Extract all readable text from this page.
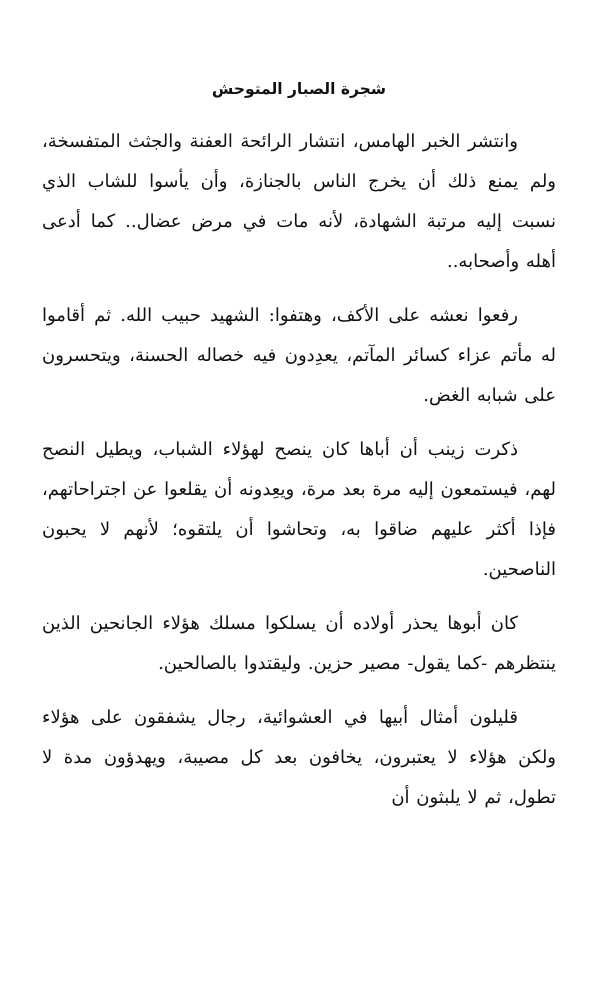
شجرة الصبار المتوحش

وانتشر الخبر الهامس، انتشار الرائحة العفنة والجثث المتفسخة، ولم يمنع ذلك أن يخرج الناس بالجنازة، وأن يأسوا للشاب الذي نسبت إليه مرتبة الشهادة، لأنه مات في مرض عضال.. كما أدعى أهله وأصحابه..

رفعوا نعشه على الأكف، وهتفوا: الشهيد حبيب الله. ثم أقاموا له مأتم عزاء كسائر المآتم، يعدِدون فيه خصاله الحسنة، ويتحسرون على شبابه الغض.

ذكرت زينب أن أباها كان ينصح لهؤلاء الشباب، ويطيل النصح لهم، فيستمعون إليه مرة بعد مرة، ويعِدونه أن يقلعوا عن اجتراحاتهم، فإذا أكثر عليهم ضاقوا به، وتحاشوا أن يلتقوه؛ لأنهم لا يحبون الناصحين.

كان أبوها يحذر أولاده أن يسلكوا مسلك هؤلاء الجانحين الذين ينتظرهم -كما يقول- مصير حزين. وليقتدوا بالصالحين.

قليلون أمثال أبيها في العشوائية، رجال يشفقون على هؤلاء ولكن هؤلاء لا يعتبرون، يخافون بعد كل مصيبة، ويهدؤون مدة لا تطول، ثم لا يلبثون أن
